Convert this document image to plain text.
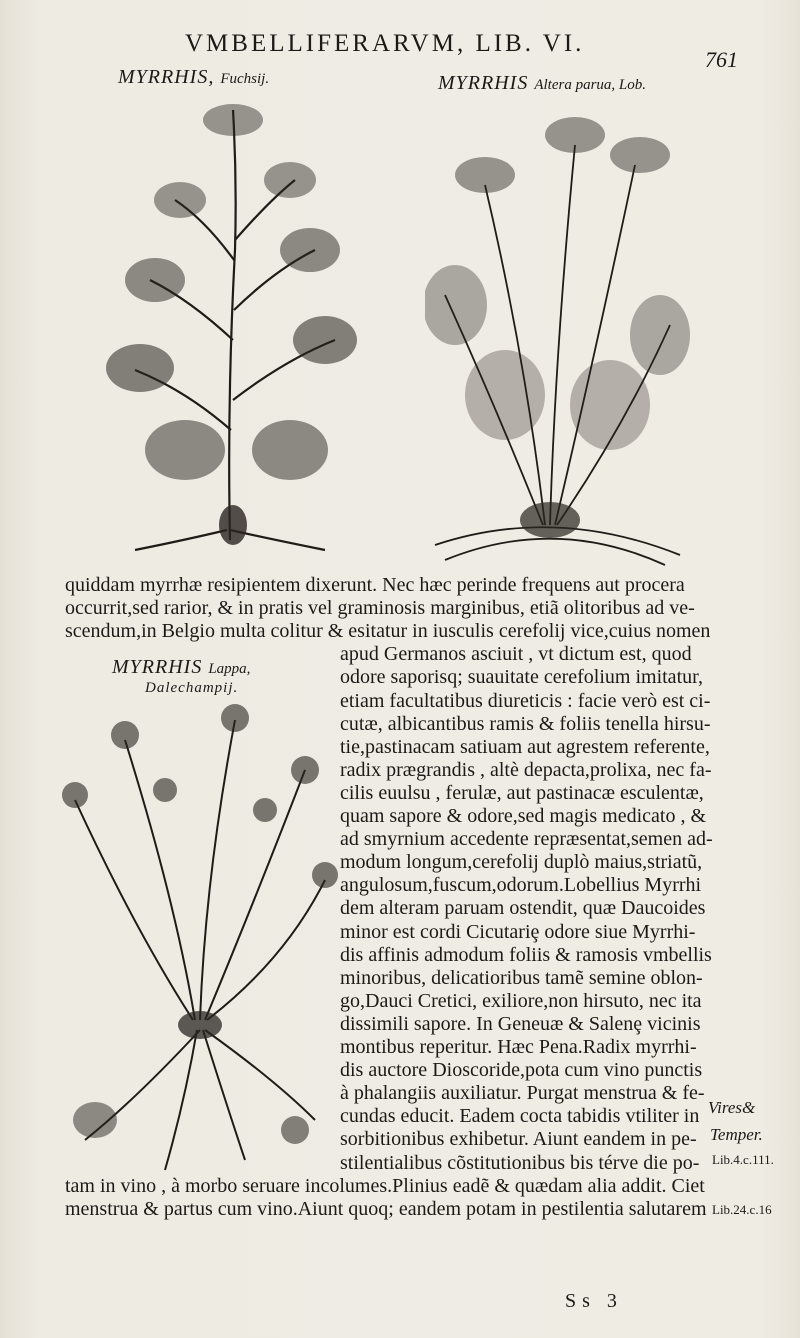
VMBELLIFERARVM, LIB. VI.
761
MYRRHIS, Fuchsij.	MYRRHIS Altera parua, Lob.
MYRRHIS Lappa,
Dalechampij.
quiddam myrrhæ resipientem dixerunt. Nec hæc perinde frequens aut procera
occurrit,sed rarior, & in pratis vel graminosis marginibus, etiã olitoribus ad ve-
scendum,in Belgio multa colitur & esitatur in iusculis cerefolij vice,cuius nomen
apud Germanos asciuit , vt dictum est, quod
odore saporisq; suauitate cerefolium imitatur,
etiam facultatibus diureticis : facie verò est ci-
cutæ, albicantibus ramis & foliis tenella hirsu-
tie,pastinacam satiuam aut agrestem referente,
radix prægrandis , altè depacta,prolixa, nec fa-
cilis euulsu , ferulæ, aut pastinacæ esculentæ,
quam sapore & odore,sed magis medicato , &
ad smyrnium accedente repræsentat,semen ad-
modum longum,cerefolij duplò maius,striatũ,
angulosum,fuscum,odorum.Lobellius Myrrhi
dem alteram paruam ostendit, quæ Daucoides
minor est cordi Cicutariȩ odore siue Myrrhi-
dis affinis admodum foliis & ramosis vmbellis
minoribus, delicatioribus tamẽ semine oblon-
go,Dauci Cretici, exiliore,non hirsuto, nec ita
dissimili sapore. In Geneuæ & Salenȩ vicinis
montibus reperitur. Hæc Pena.Radix myrrhi-
dis auctore Dioscoride,pota cum vino punctis
à phalangiis auxiliatur. Purgat menstrua & fe-
cundas educit. Eadem cocta tabidis vtiliter in
sorbitionibus exhibetur. Aiunt eandem in pe-
stilentialibus cõstitutionibus bis térve die po-
tam in vino , à morbo seruare incolumes.Plinius eadẽ & quædam alia addit. Ciet
menstrua & partus cum vino.Aiunt quoq; eandem potam in pestilentia salutarem
Vires&
Temper.
Lib.4.c.111.
Lib.24.c.16
Ss 3
